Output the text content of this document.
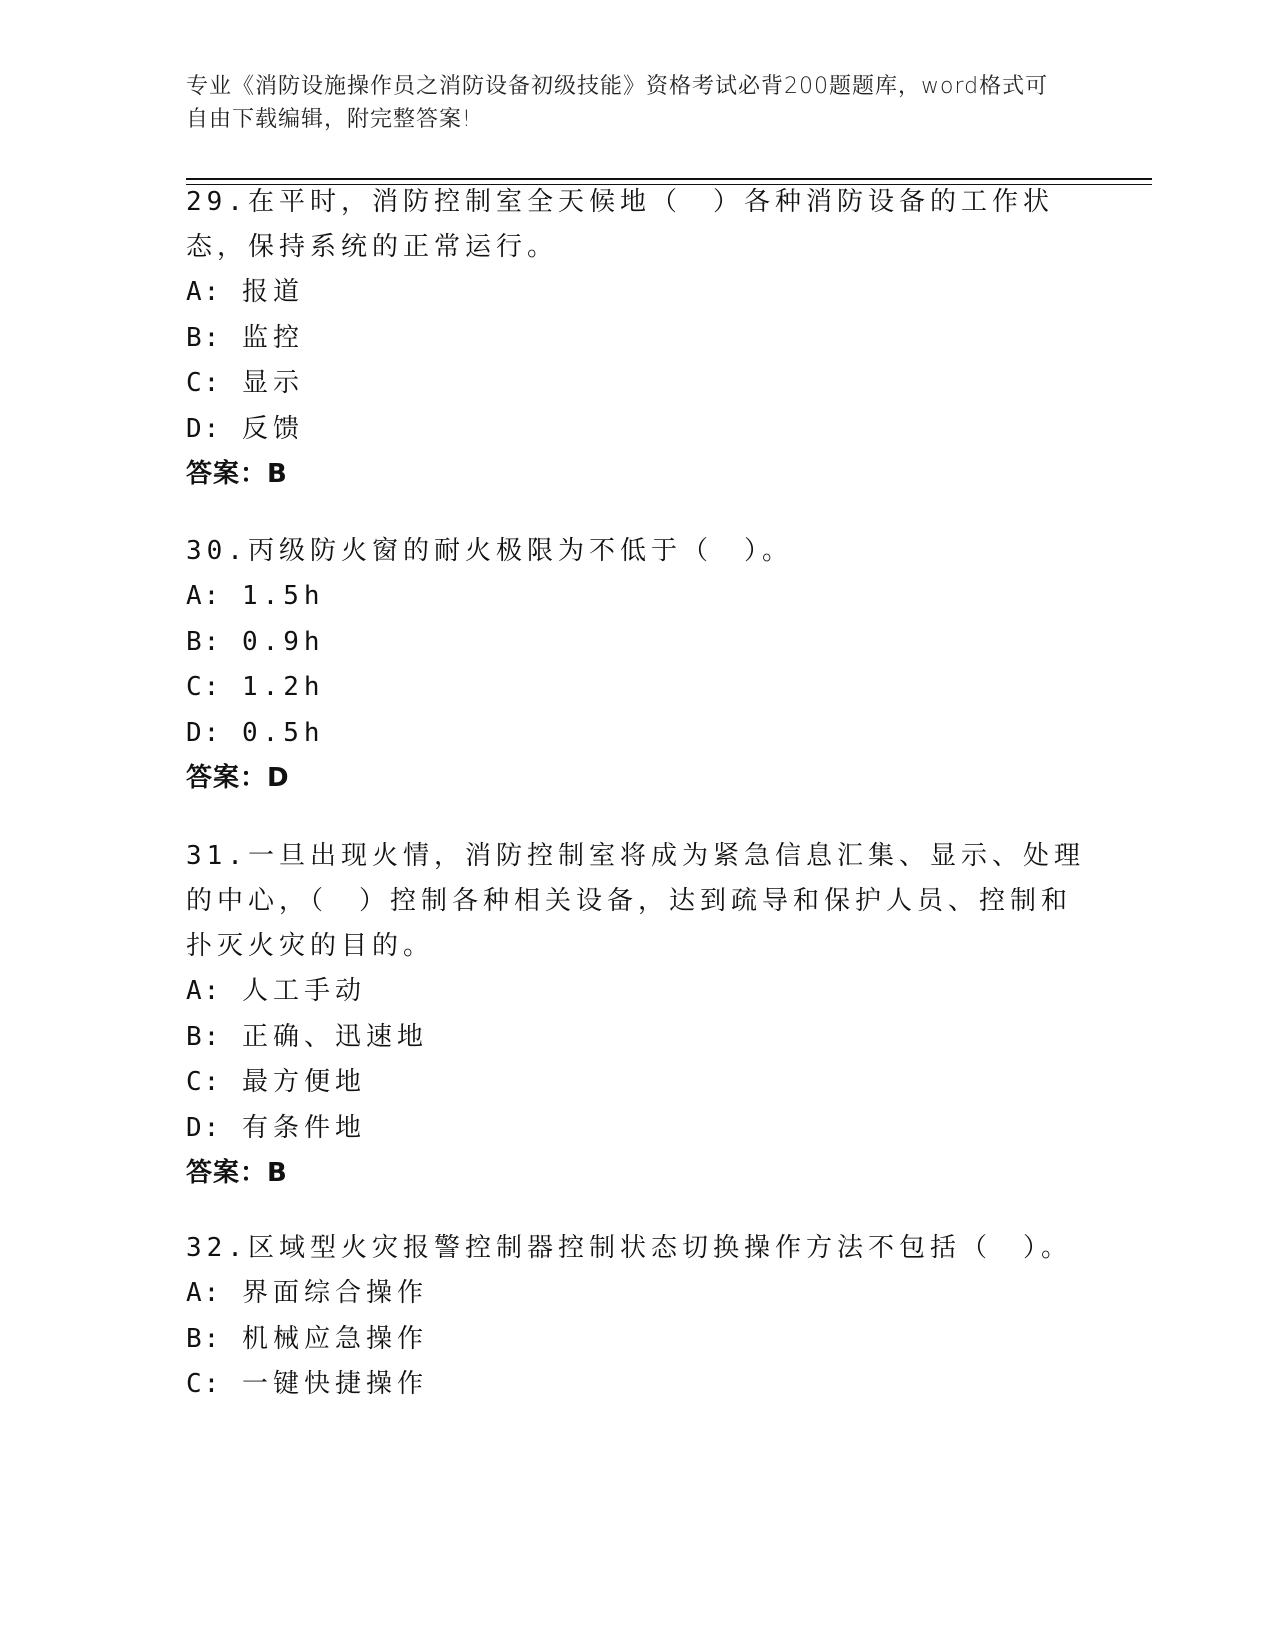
专业《消防设施操作员之消防设备初级技能》资格考试必背200题题库，word格式可自由下载编辑，附完整答案!

29.在平时，消防控制室全天候地（　）各种消防设备的工作状态，保持系统的正常运行。

A: 报道
B: 监控
C: 显示
D: 反馈
答案：B

30.丙级防火窗的耐火极限为不低于（　）。

A: 1.5h
B: 0.9h
C: 1.2h
D: 0.5h
答案：D

31.一旦出现火情，消防控制室将成为紧急信息汇集、显示、处理的中心，（　）控制各种相关设备，达到疏导和保护人员、控制和扑灭火灾的目的。

A: 人工手动
B: 正确、迅速地
C: 最方便地
D: 有条件地
答案：B

32.区域型火灾报警控制器控制状态切换操作方法不包括（　）。

A: 界面综合操作
B: 机械应急操作
C: 一键快捷操作
